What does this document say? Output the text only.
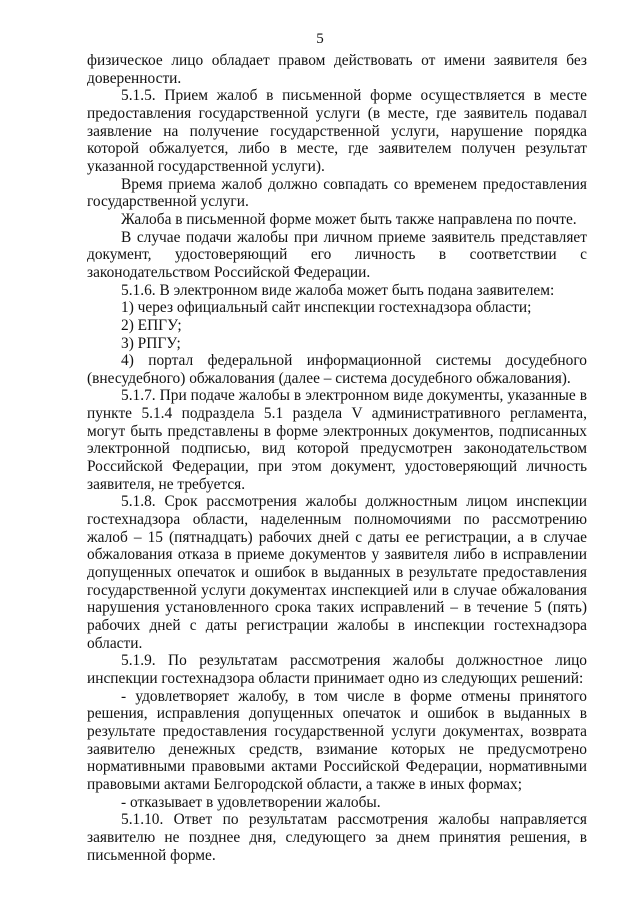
5

физическое лицо обладает правом действовать от имени заявителя без доверенности.

5.1.5. Прием жалоб в письменной форме осуществляется в месте предоставления государственной услуги (в месте, где заявитель подавал заявление на получение государственной услуги, нарушение порядка которой обжалуется, либо в месте, где заявителем получен результат указанной государственной услуги).

Время приема жалоб должно совпадать со временем предоставления государственной услуги.

Жалоба в письменной форме может быть также направлена по почте.

В случае подачи жалобы при личном приеме заявитель представляет документ, удостоверяющий его личность в соответствии с законодательством Российской Федерации.

5.1.6. В электронном виде жалоба может быть подана заявителем:

1) через официальный сайт инспекции гостехнадзора области;

2) ЕПГУ;

3) РПГУ;

4) портал федеральной информационной системы досудебного (внесудебного) обжалования (далее – система досудебного обжалования).

5.1.7. При подаче жалобы в электронном виде документы, указанные в пункте 5.1.4 подраздела 5.1 раздела V административного регламента, могут быть представлены в форме электронных документов, подписанных электронной подписью, вид которой предусмотрен законодательством Российской Федерации, при этом документ, удостоверяющий личность заявителя, не требуется.

5.1.8. Срок рассмотрения жалобы должностным лицом инспекции гостехнадзора области, наделенным полномочиями по рассмотрению жалоб – 15 (пятнадцать) рабочих дней с даты ее регистрации, а в случае обжалования отказа в приеме документов у заявителя либо в исправлении допущенных опечаток и ошибок в выданных в результате предоставления государственной услуги документах инспекцией или в случае обжалования нарушения установленного срока таких исправлений – в течение 5 (пять) рабочих дней с даты регистрации жалобы в инспекции гостехнадзора области.

5.1.9. По результатам рассмотрения жалобы должностное лицо инспекции гостехнадзора области принимает одно из следующих решений:

- удовлетворяет жалобу, в том числе в форме отмены принятого решения, исправления допущенных опечаток и ошибок в выданных в результате предоставления государственной услуги документах, возврата заявителю денежных средств, взимание которых не предусмотрено нормативными правовыми актами Российской Федерации, нормативными правовыми актами Белгородской области, а также в иных формах;

- отказывает в удовлетворении жалобы.

5.1.10. Ответ по результатам рассмотрения жалобы направляется заявителю не позднее дня, следующего за днем принятия решения, в письменной форме.
